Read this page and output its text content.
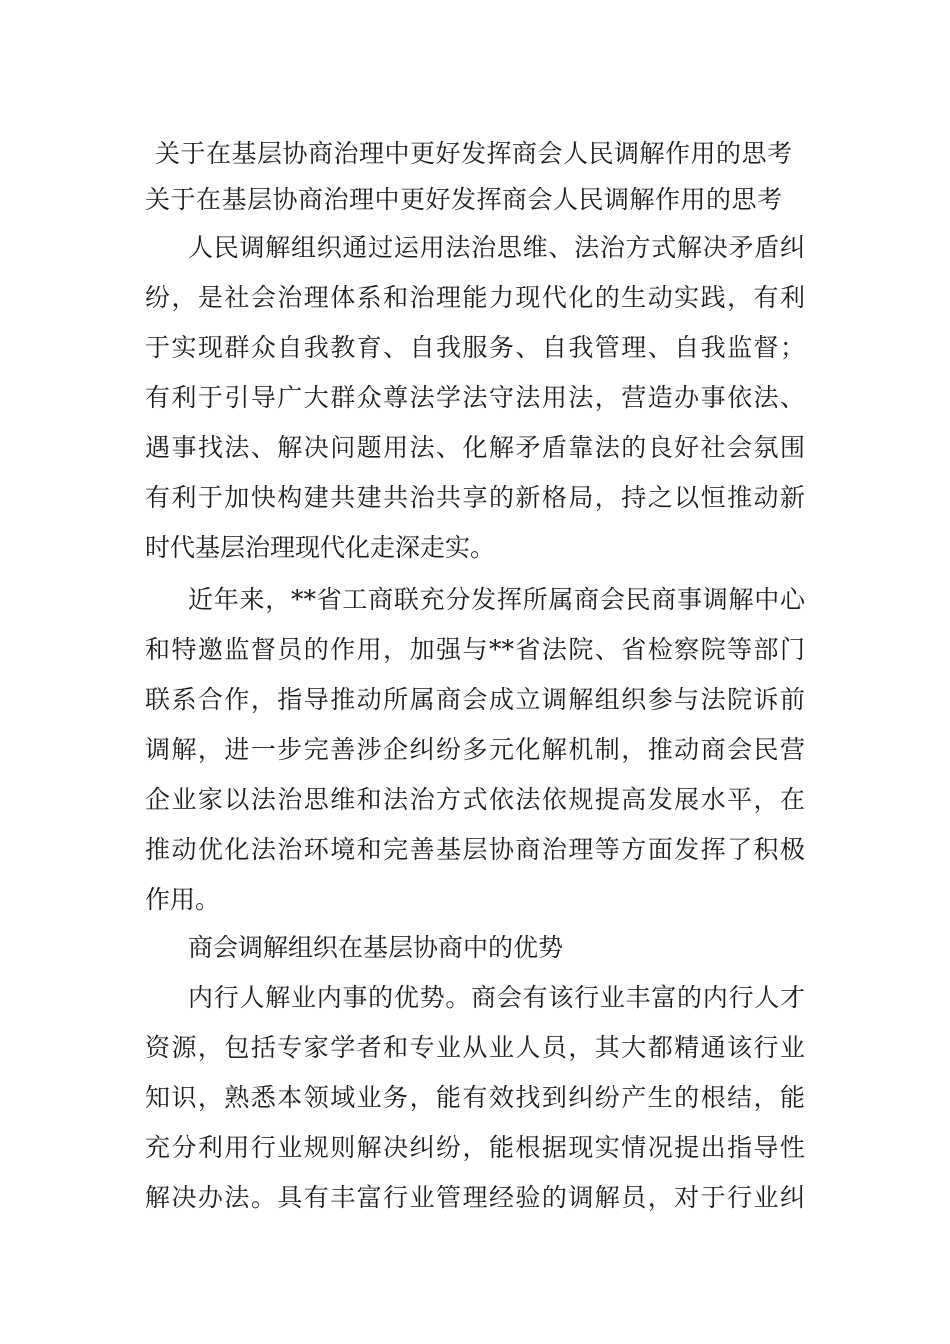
关于在基层协商治理中更好发挥商会人民调解作用的思考
关于在基层协商治理中更好发挥商会人民调解作用的思考
人民调解组织通过运用法治思维、法治方式解决矛盾纠
纷，是社会治理体系和治理能力现代化的生动实践，有利
于实现群众自我教育、自我服务、自我管理、自我监督；
有利于引导广大群众尊法学法守法用法，营造办事依法、
遇事找法、解决问题用法、化解矛盾靠法的良好社会氛围
有利于加快构建共建共治共享的新格局，持之以恒推动新
时代基层治理现代化走深走实。
近年来，**省工商联充分发挥所属商会民商事调解中心
和特邀监督员的作用，加强与**省法院、省检察院等部门
联系合作，指导推动所属商会成立调解组织参与法院诉前
调解，进一步完善涉企纠纷多元化解机制，推动商会民营
企业家以法治思维和法治方式依法依规提高发展水平，在
推动优化法治环境和完善基层协商治理等方面发挥了积极
作用。
商会调解组织在基层协商中的优势
内行人解业内事的优势。商会有该行业丰富的内行人才
资源，包括专家学者和专业从业人员，其大都精通该行业
知识，熟悉本领域业务，能有效找到纠纷产生的根结，能
充分利用行业规则解决纠纷，能根据现实情况提出指导性
解决办法。具有丰富行业管理经验的调解员，对于行业纠
